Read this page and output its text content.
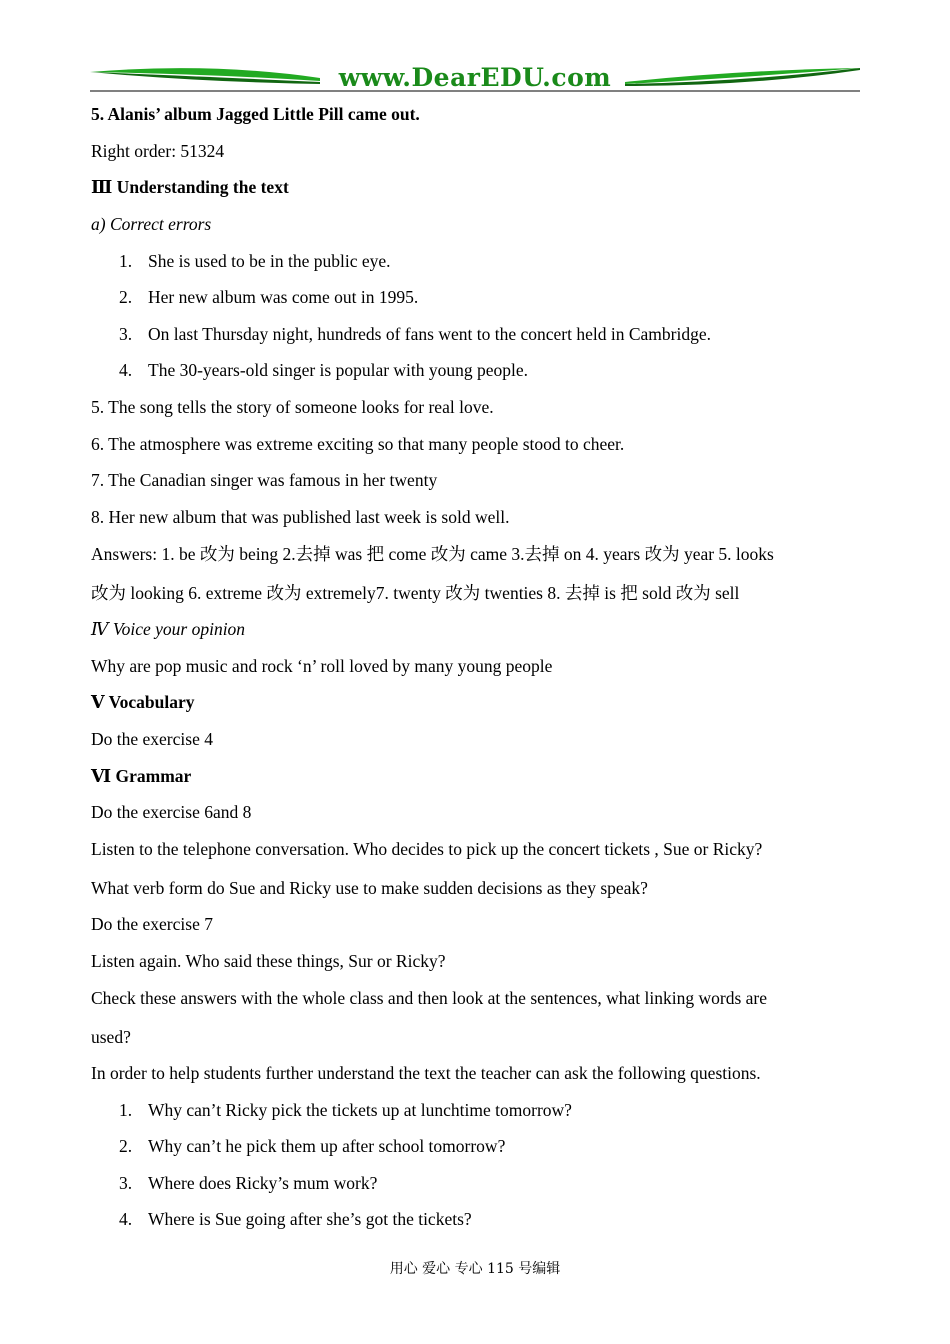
www.DearEDU.com
5. Alanis’ album Jagged Little Pill came out.
Right order: 51324
Ⅲ Understanding the text
a) Correct errors
1. She is used to be in the public eye.
2. Her new album was come out in 1995.
3. On last Thursday night, hundreds of fans went to the concert held in Cambridge.
4. The 30-years-old singer is popular with young people.
5. The song tells the story of someone looks for real love.
6. The atmosphere was extreme exciting so that many people stood to cheer.
7. The Canadian singer was famous in her twenty
8. Her new album that was published last week is sold well.
Answers: 1. be 改为 being 2.去掉 was 把 come 改为 came 3.去掉 on 4. years 改为 year 5. looks
改为 looking 6. extreme 改为 extremely7. twenty 改为 twenties 8. 去掉 is 把 sold 改为 sell
Ⅳ Voice your opinion
Why are pop music and rock ‘n’ roll loved by many young people
Ⅴ Vocabulary
Do the exercise 4
Ⅵ Grammar
Do the exercise 6and 8
Listen to the telephone conversation. Who decides to pick up the concert tickets , Sue or Ricky?
What verb form do Sue and Ricky use to make sudden decisions as they speak?
Do the exercise 7
Listen again. Who said these things, Sur or Ricky?
Check these answers with the whole class and then look at the sentences, what linking words are
used?
In order to help students further understand the text the teacher can ask the following questions.
1. Why can’t Ricky pick the tickets up at lunchtime tomorrow?
2. Why can’t he pick them up after school tomorrow?
3. Where does Ricky’s mum work?
4. Where is Sue going after she’s got the tickets?
用心 爱心 专心 115 号编辑
